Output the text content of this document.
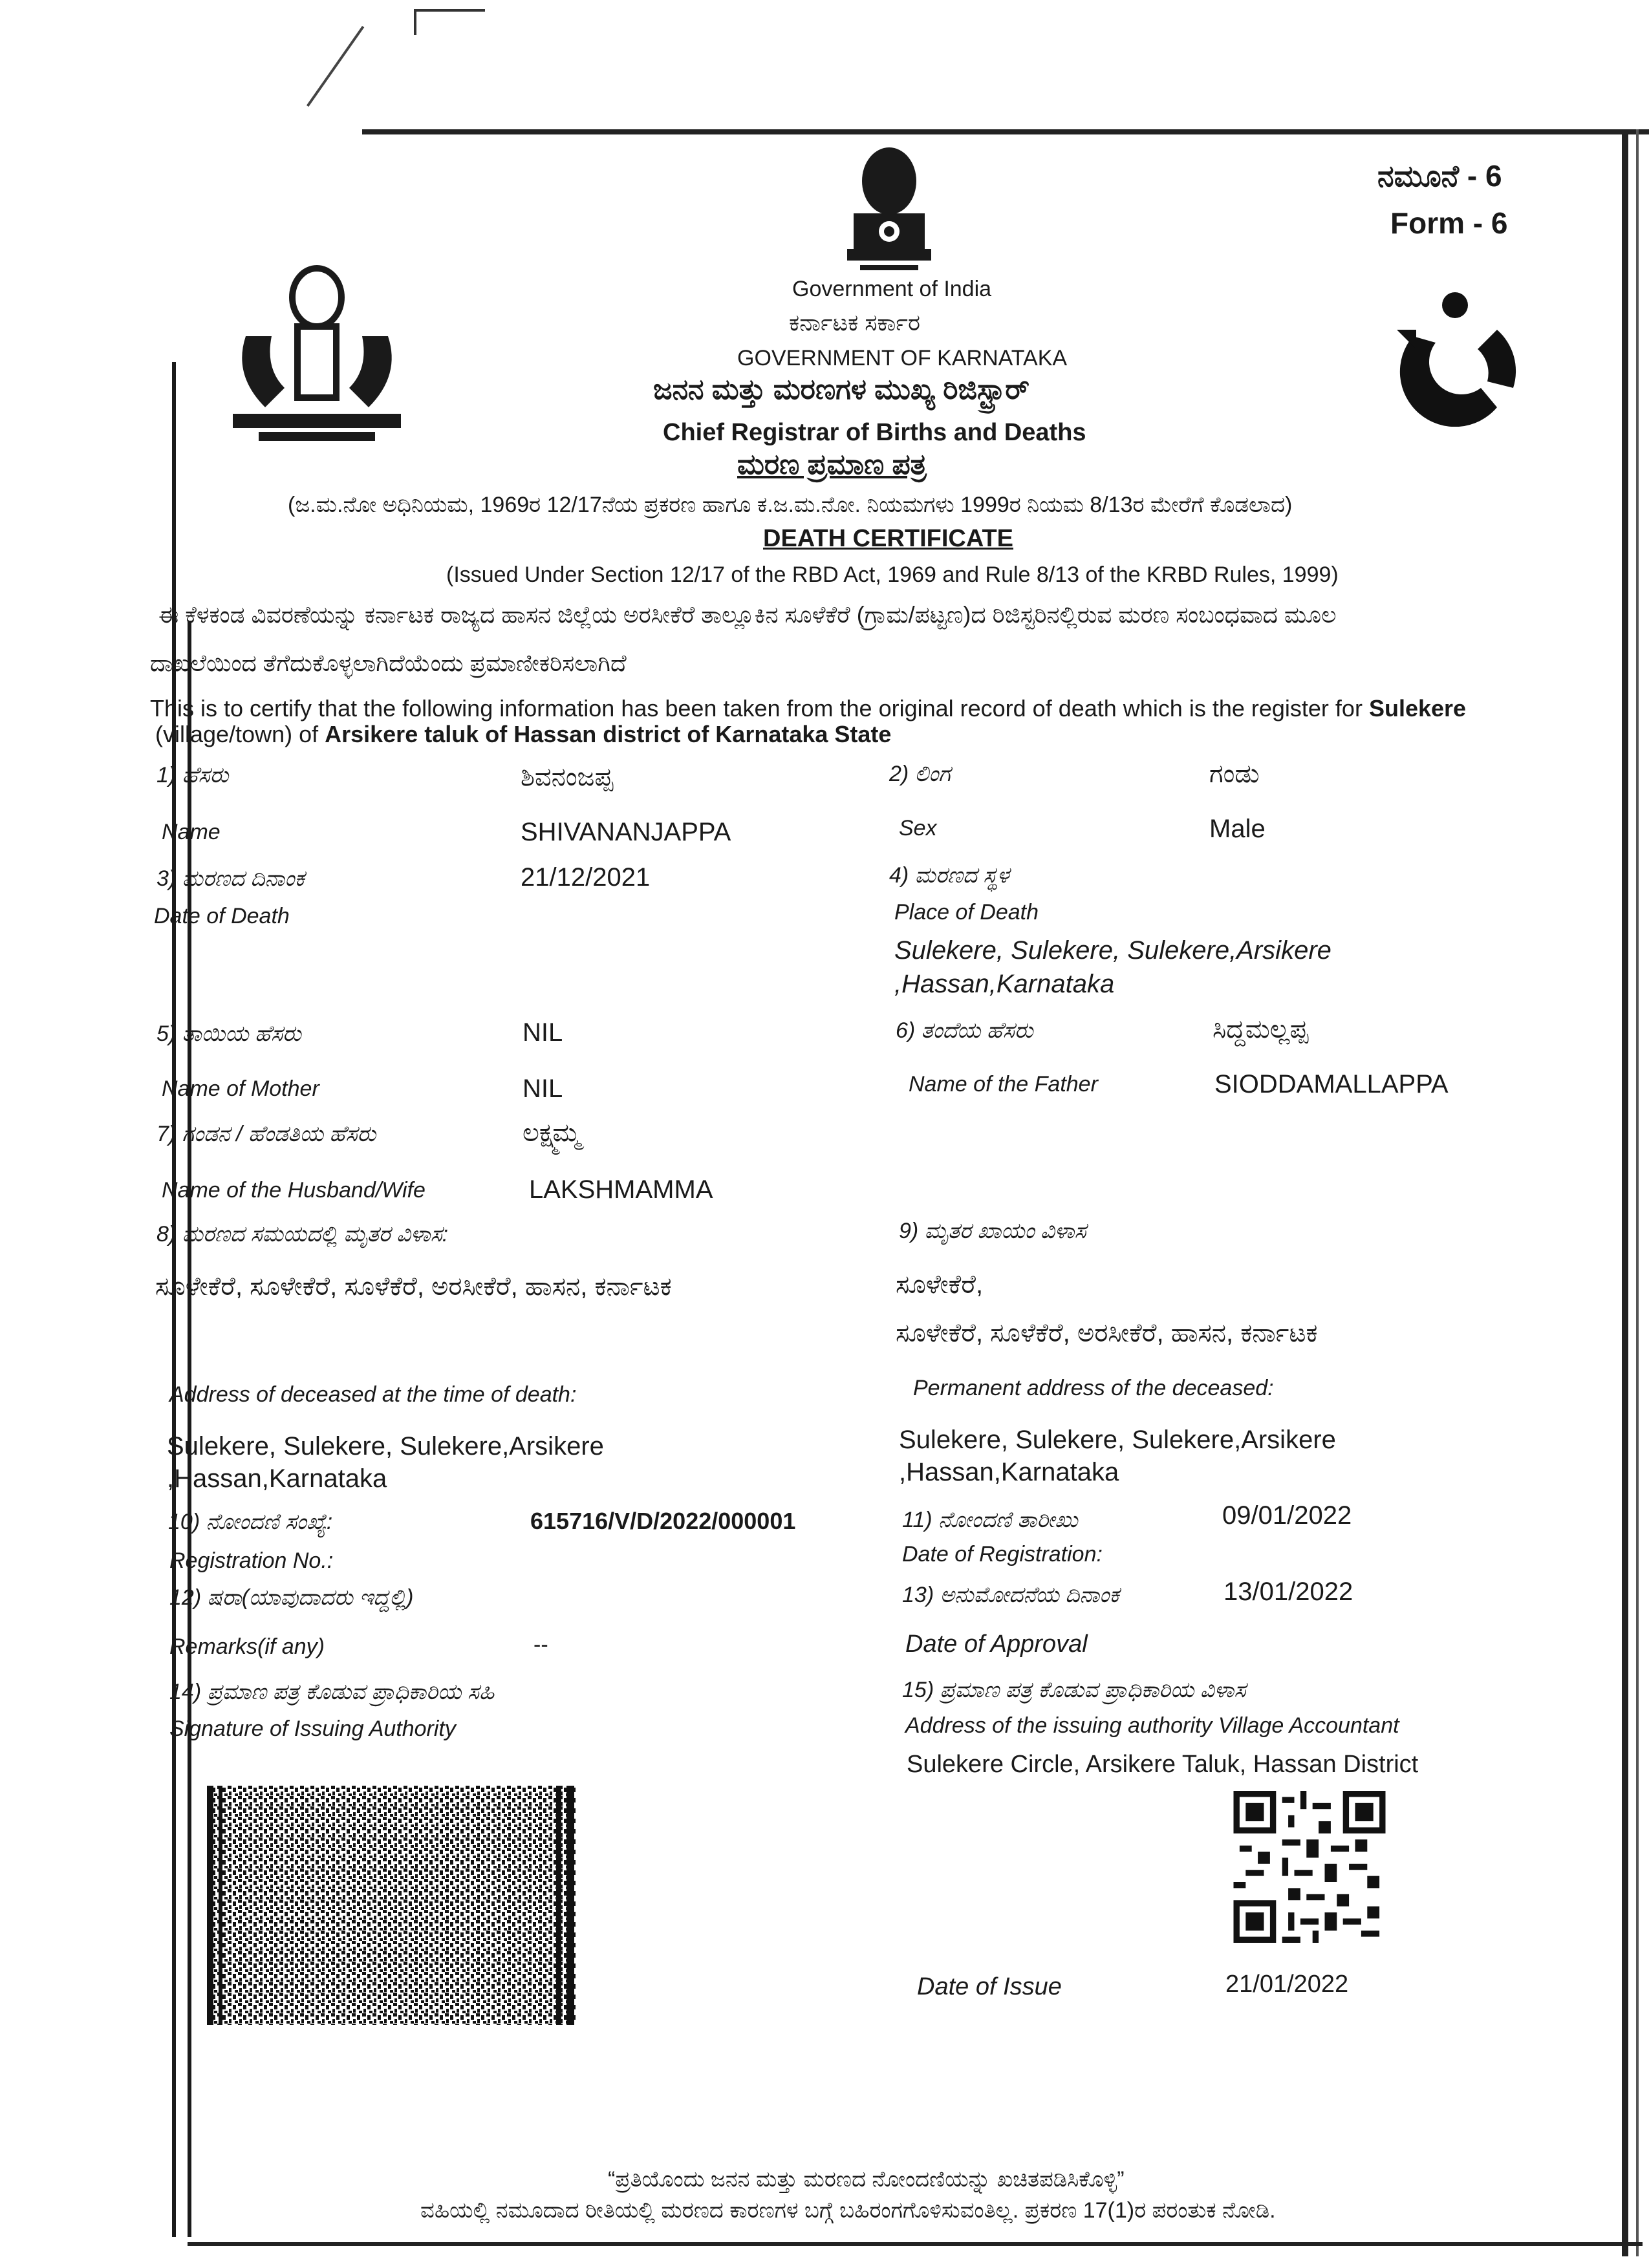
ನಮೂನೆ - 6
Form - 6
Government of India
ಕರ್ನಾಟಕ ಸರ್ಕಾರ
GOVERNMENT OF KARNATAKA
ಜನನ ಮತ್ತು ಮರಣಗಳ ಮುಖ್ಯ ರಿಜಿಸ್ಟ್ರಾರ್
Chief Registrar of Births and Deaths
ಮರಣ ಪ್ರಮಾಣ ಪತ್ರ
(ಜ.ಮ.ನೋ ಅಧಿನಿಯಮ, 1969ರ 12/17ನೆಯ ಪ್ರಕರಣ ಹಾಗೂ ಕ.ಜ.ಮ.ನೋ. ನಿಯಮಗಳು 1999ರ ನಿಯಮ 8/13ರ ಮೇರೆಗೆ ಕೊಡಲಾದ)
DEATH CERTIFICATE
(Issued Under Section 12/17 of the RBD Act, 1969 and Rule 8/13 of the KRBD Rules, 1999)
ಈ ಕೆಳಕಂಡ ವಿವರಣೆಯನ್ನು ಕರ್ನಾಟಕ ರಾಜ್ಯದ ಹಾಸನ ಜಿಲ್ಲೆಯ ಅರಸೀಕೆರೆ ತಾಲ್ಲೂಕಿನ ಸೂಳೆಕೆರೆ (ಗ್ರಾಮ/ಪಟ್ಟಣ)ದ ರಿಜಿಸ್ಟರಿನಲ್ಲಿರುವ ಮರಣ ಸಂಬಂಧವಾದ ಮೂಲ
ದಾಖಲೆಯಿಂದ ತೆಗೆದುಕೊಳ್ಳಲಾಗಿದೆಯೆಂದು ಪ್ರಮಾಣೀಕರಿಸಲಾಗಿದೆ
This is to certify that the following information has been taken from the original record of death which is the register for Sulekere
(village/town) of Arsikere taluk of Hassan district of Karnataka State
1) ಹೆಸರು	ಶಿವನಂಜಪ್ಪ
Name	SHIVANANJAPPA
2) ಲಿಂಗ	ಗಂಡು
Sex	Male
3) ಮರಣದ ದಿನಾಂಕ	21/12/2021
Date of Death
4) ಮರಣದ ಸ್ಥಳ
Place of Death
Sulekere, Sulekere, Sulekere,Arsikere
,Hassan,Karnataka
5) ತಾಯಿಯ ಹೆಸರು	NIL
Name of Mother	NIL
6) ತಂದೆಯ ಹೆಸರು	ಸಿದ್ದಮಲ್ಲಪ್ಪ
Name of the Father	SIODDAMALLAPPA
7) ಗಂಡನ / ಹೆಂಡತಿಯ ಹೆಸರು	ಲಕ್ಷ್ಮಮ್ಮ
Name of the Husband/Wife	LAKSHMAMMA
8) ಮರಣದ ಸಮಯದಲ್ಲಿ ಮೃತರ ವಿಳಾಸ:
ಸೂಳೇಕೆರೆ, ಸೂಳೇಕೆರೆ, ಸೂಳೆಕೆರೆ, ಅರಸೀಕೆರೆ, ಹಾಸನ, ಕರ್ನಾಟಕ
Address of deceased at the time of death:
Sulekere, Sulekere, Sulekere,Arsikere
,Hassan,Karnataka
9) ಮೃತರ ಖಾಯಂ ವಿಳಾಸ
ಸೂಳೇಕೆರೆ,
ಸೂಳೇಕೆರೆ, ಸೂಳೆಕೆರೆ, ಅರಸೀಕೆರೆ, ಹಾಸನ, ಕರ್ನಾಟಕ
Permanent address of the deceased:
Sulekere, Sulekere, Sulekere,Arsikere
,Hassan,Karnataka
10) ನೋಂದಣಿ ಸಂಖ್ಯೆ:	615716/V/D/2022/000001
Registration No.:
11) ನೋಂದಣಿ ತಾರೀಖು	09/01/2022
Date of Registration:
12) ಷರಾ(ಯಾವುದಾದರು ಇದ್ದಲ್ಲಿ)
Remarks(if any)	--
13) ಅನುಮೋದನೆಯ ದಿನಾಂಕ	13/01/2022
Date of Approval
14) ಪ್ರಮಾಣ ಪತ್ರ ಕೊಡುವ ಪ್ರಾಧಿಕಾರಿಯ ಸಹಿ
Signature of Issuing Authority
15) ಪ್ರಮಾಣ ಪತ್ರ ಕೊಡುವ ಪ್ರಾಧಿಕಾರಿಯ ವಿಳಾಸ
Address of the issuing authority Village Accountant
Sulekere Circle, Arsikere Taluk, Hassan District
Date of Issue	21/01/2022
“ಪ್ರತಿಯೊಂದು ಜನನ ಮತ್ತು ಮರಣದ ನೋಂದಣಿಯನ್ನು ಖಚಿತಪಡಿಸಿಕೊಳ್ಳಿ”
ವಹಿಯಲ್ಲಿ ನಮೂದಾದ ರೀತಿಯಲ್ಲಿ ಮರಣದ ಕಾರಣಗಳ ಬಗ್ಗೆ ಬಹಿರಂಗಗೊಳಿಸುವಂತಿಲ್ಲ. ಪ್ರಕರಣ 17(1)ರ ಪರಂತುಕ ನೋಡಿ.
